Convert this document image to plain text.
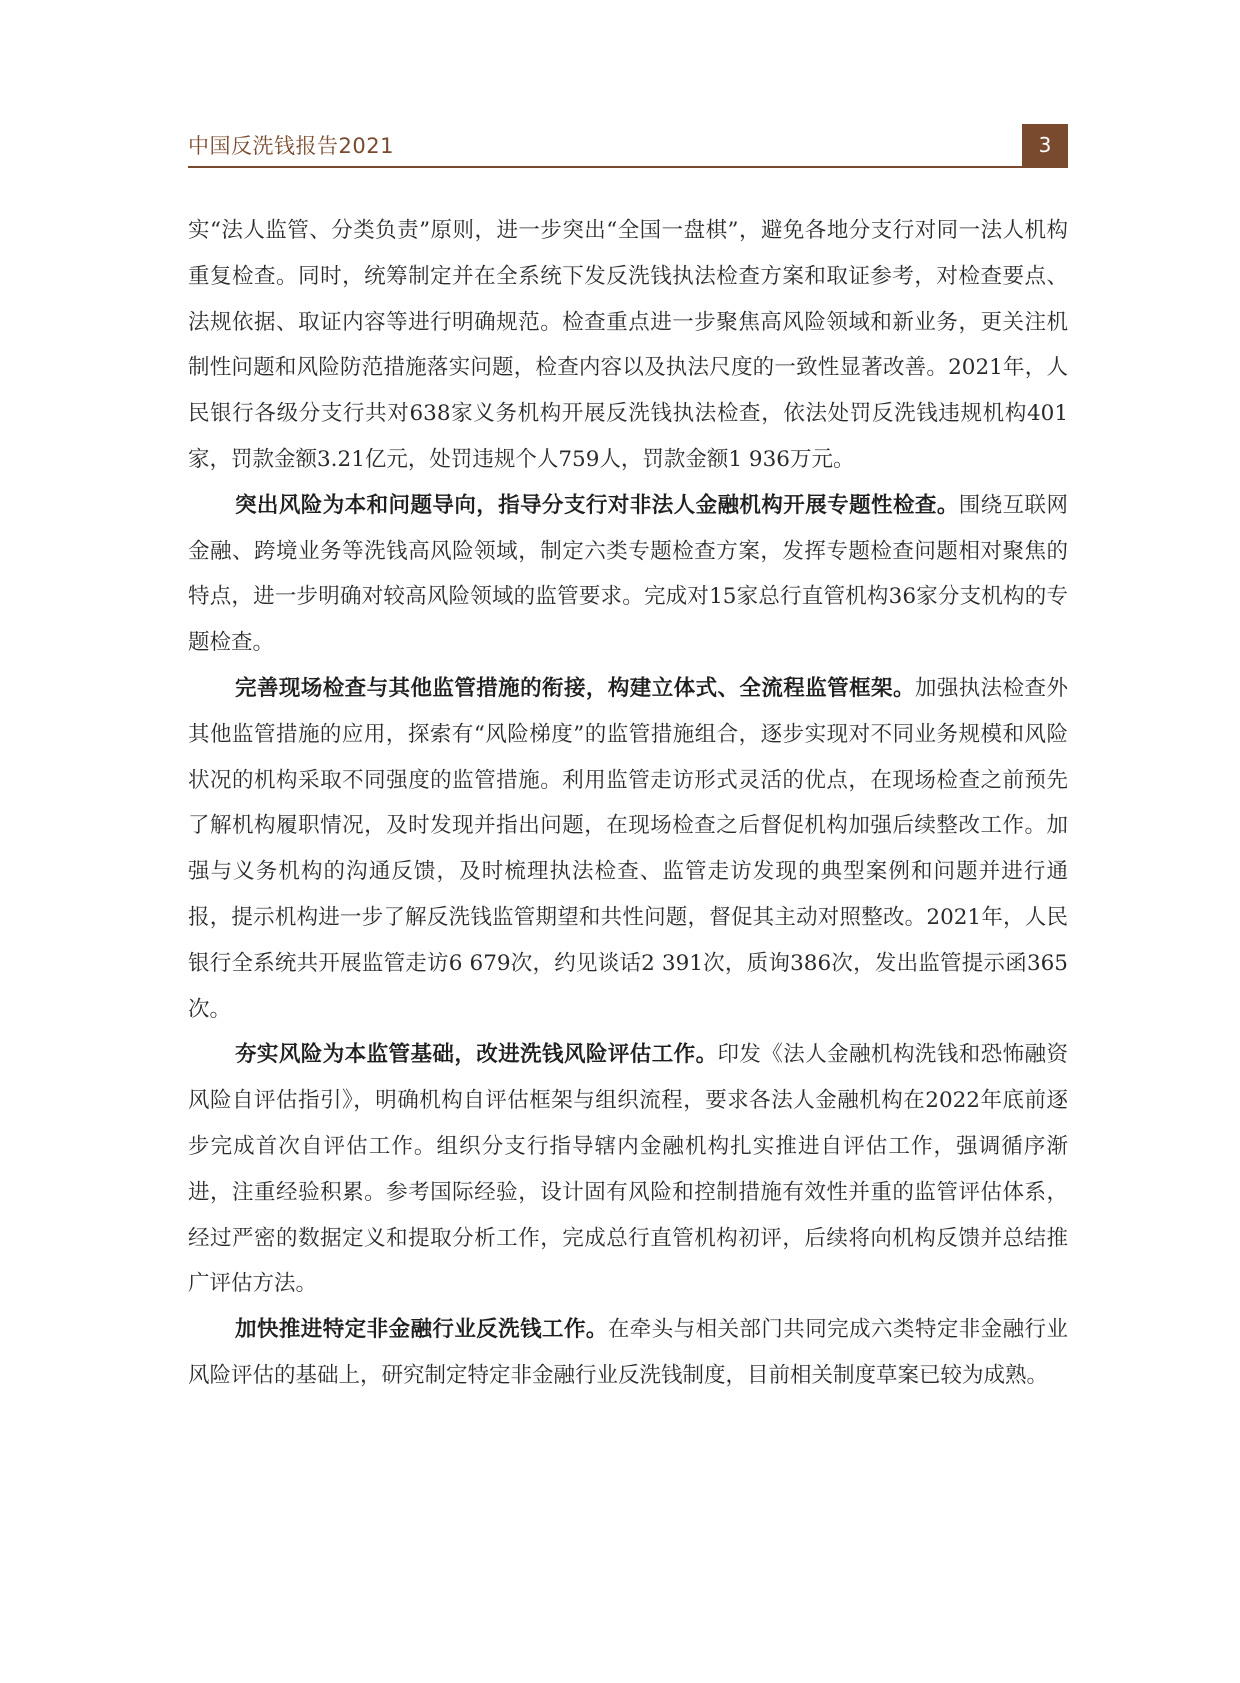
中国反洗钱报告2021	3

实“法人监管、分类负责”原则，进一步突出“全国一盘棋”，避免各地分支行对同一法人机构重复检查。同时，统筹制定并在全系统下发反洗钱执法检查方案和取证参考，对检查要点、法规依据、取证内容等进行明确规范。检查重点进一步聚焦高风险领域和新业务，更关注机制性问题和风险防范措施落实问题，检查内容以及执法尺度的一致性显著改善。2021年，人民银行各级分支行共对638家义务机构开展反洗钱执法检查，依法处罚反洗钱违规机构401家，罚款金额3.21亿元，处罚违规个人759人，罚款金额1 936万元。

突出风险为本和问题导向，指导分支行对非法人金融机构开展专题性检查。围绕互联网金融、跨境业务等洗钱高风险领域，制定六类专题检查方案，发挥专题检查问题相对聚焦的特点，进一步明确对较高风险领域的监管要求。完成对15家总行直管机构36家分支机构的专题检查。

完善现场检查与其他监管措施的衔接，构建立体式、全流程监管框架。加强执法检查外其他监管措施的应用，探索有“风险梯度”的监管措施组合，逐步实现对不同业务规模和风险状况的机构采取不同强度的监管措施。利用监管走访形式灵活的优点，在现场检查之前预先了解机构履职情况，及时发现并指出问题，在现场检查之后督促机构加强后续整改工作。加强与义务机构的沟通反馈，及时梳理执法检查、监管走访发现的典型案例和问题并进行通报，提示机构进一步了解反洗钱监管期望和共性问题，督促其主动对照整改。2021年，人民银行全系统共开展监管走访6 679次，约见谈话2 391次，质询386次，发出监管提示函365次。

夯实风险为本监管基础，改进洗钱风险评估工作。印发《法人金融机构洗钱和恐怖融资风险自评估指引》，明确机构自评估框架与组织流程，要求各法人金融机构在2022年底前逐步完成首次自评估工作。组织分支行指导辖内金融机构扎实推进自评估工作，强调循序渐进，注重经验积累。参考国际经验，设计固有风险和控制措施有效性并重的监管评估体系，经过严密的数据定义和提取分析工作，完成总行直管机构初评，后续将向机构反馈并总结推广评估方法。

加快推进特定非金融行业反洗钱工作。在牵头与相关部门共同完成六类特定非金融行业风险评估的基础上，研究制定特定非金融行业反洗钱制度，目前相关制度草案已较为成熟。
